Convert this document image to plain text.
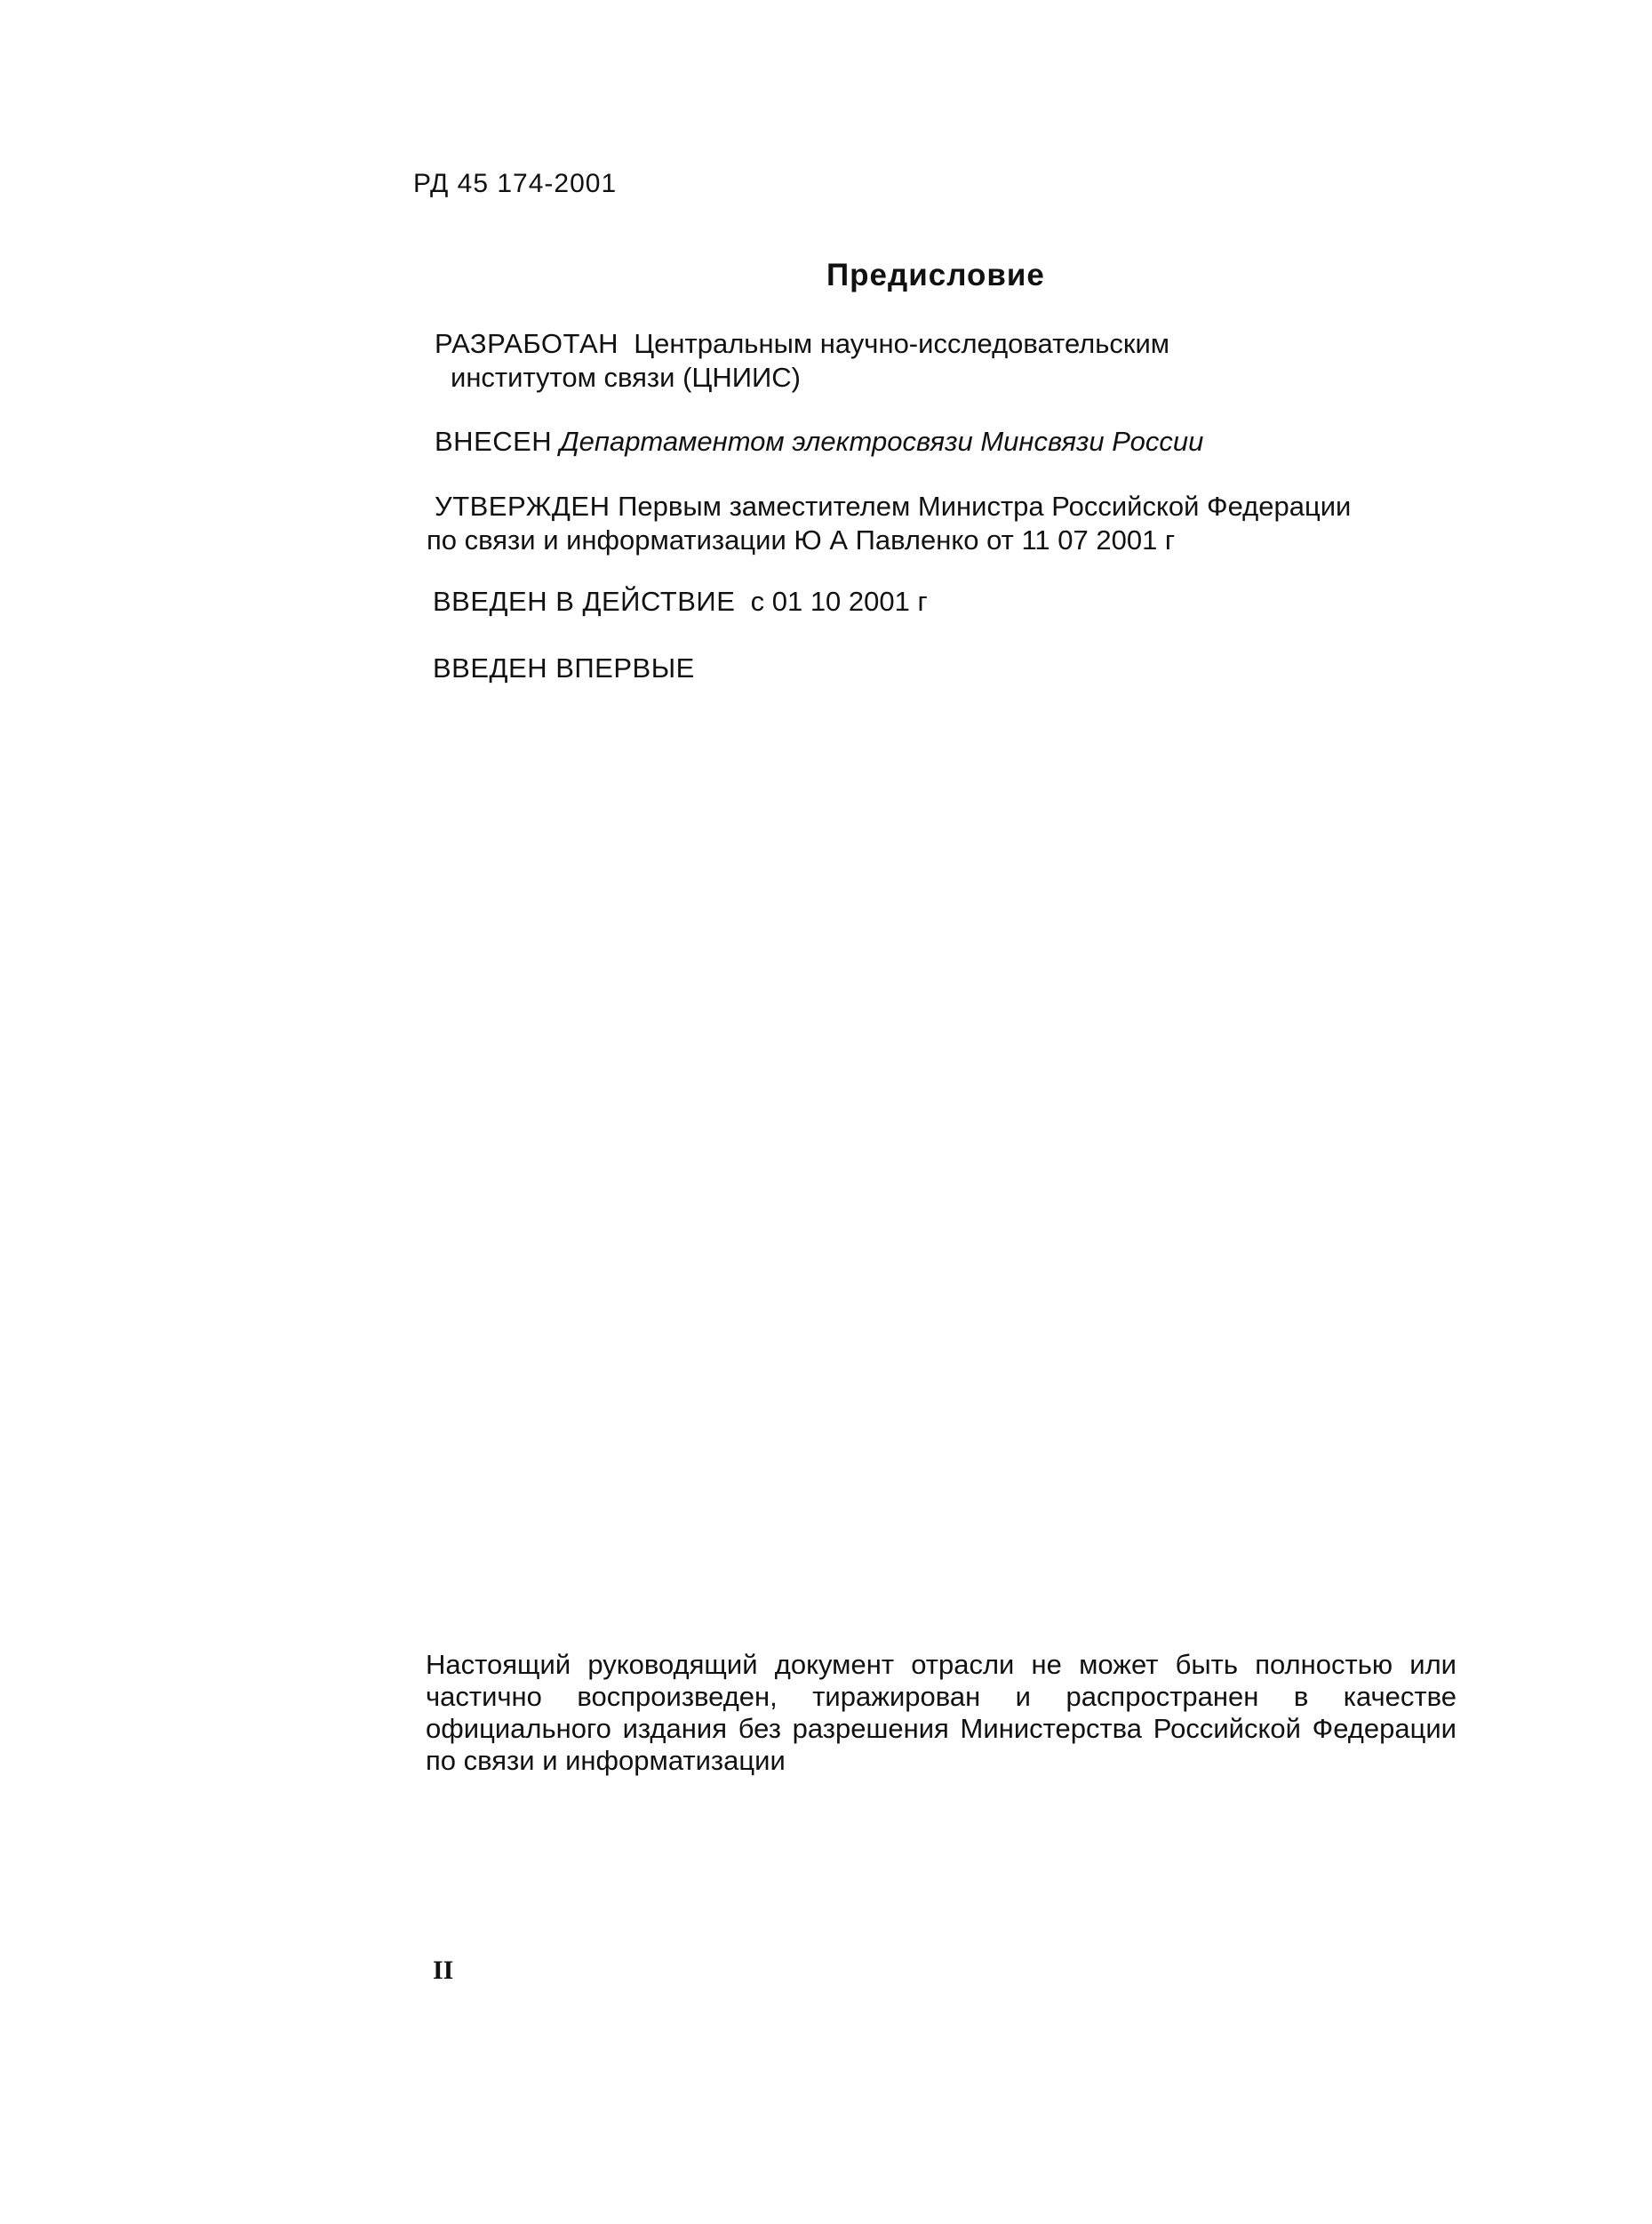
РД 45 174-2001
Предисловие
РАЗРАБОТАН Центральным научно-исследовательским
институтом связи (ЦНИИС)
ВНЕСЕН Департаментом электросвязи Минсвязи России
УТВЕРЖДЕН Первым заместителем Министра Российской Федерации
по связи и информатизации Ю А Павленко от 11 07 2001 г
ВВЕДЕН В ДЕЙСТВИЕ с 01 10 2001 г
ВВЕДЕН ВПЕРВЫЕ

Настоящий руководящий документ отрасли не может быть полностью или частично воспроизведен, тиражирован и распространен в качестве официального издания без разрешения Министерства Российской Федерации по связи и информатизации

II
